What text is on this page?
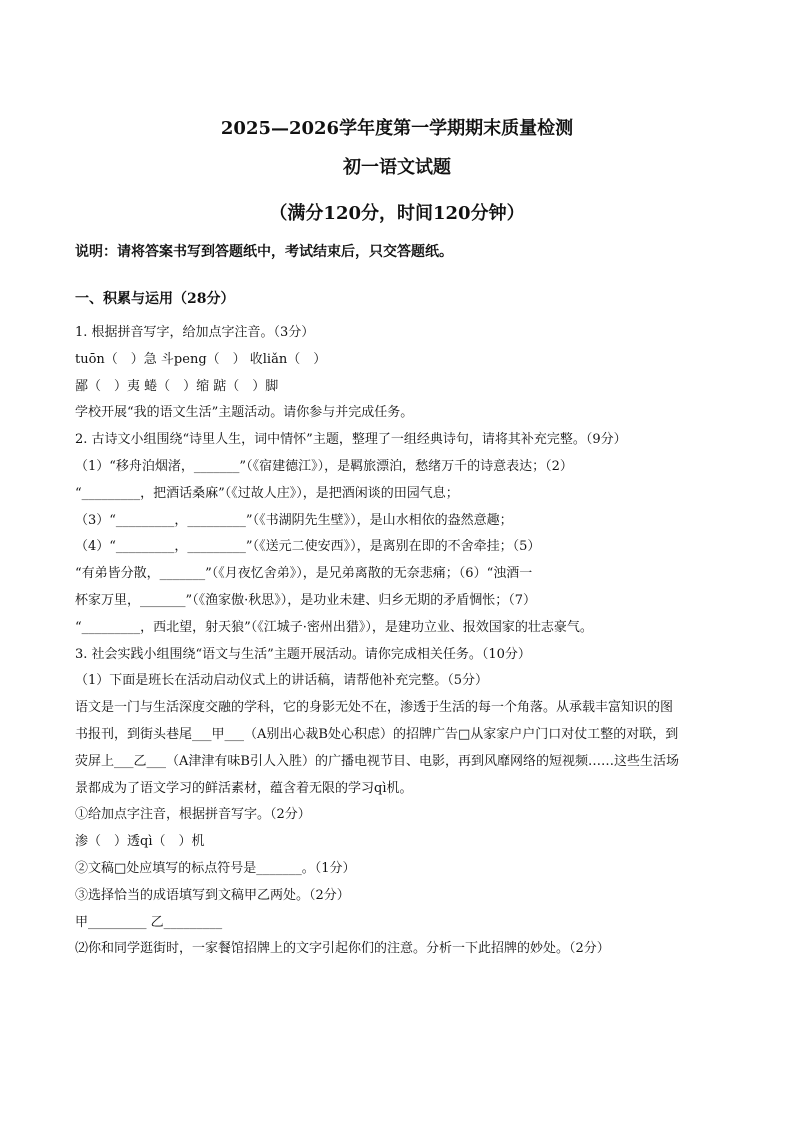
2025—2026学年度第一学期期末质量检测
初一语文试题
（满分120分，时间120分钟）
说明：请将答案书写到答题纸中，考试结束后，只交答题纸。
一、积累与运用（28分）
1. 根据拼音写字，给加点字注音。（3分）
tuōn（　）急 斗peng（　） 收liǎn（　）
鄙（　）夷 蜷（　）缩 踮（　）脚
学校开展“我的语文生活”主题活动。请你参与并完成任务。
2. 古诗文小组围绕“诗里人生，词中情怀”主题，整理了一组经典诗句，请将其补充完整。（9分）
（1）“移舟泊烟渚，_______”（《宿建德江》），是羁旅漂泊，愁绪万千的诗意表达；（2）
“_________，把酒话桑麻”（《过故人庄》），是把酒闲谈的田园气息；
（3）“_________，_________”（《书湖阴先生壁》），是山水相依的盎然意趣；
（4）“_________，_________”（《送元二使安西》），是离别在即的不舍牵挂；（5）
“有弟皆分散，_______”（《月夜忆舍弟》），是兄弟离散的无奈悲痛；（6）“浊酒一
杯家万里，_______”（《渔家傲·秋思》），是功业未建、归乡无期的矛盾惆怅；（7）
“_________，西北望，射天狼”（《江城子·密州出猎》），是建功立业、报效国家的壮志豪气。
3. 社会实践小组围绕“语文与生活”主题开展活动。请你完成相关任务。（10分）
（1）下面是班长在活动启动仪式上的讲话稿，请帮他补充完整。（5分）
语文是一门与生活深度交融的学科，它的身影无处不在，渗透于生活的每一个角落。从承载丰富知识的图
书报刊，到街头巷尾___甲___（A别出心裁B处心积虑）的招牌广告□从家家户户门口对仗工整的对联，到
荧屏上___乙___（A津津有味B引人入胜）的广播电视节目、电影，再到风靡网络的短视频……这些生活场
景都成为了语文学习的鲜活素材，蕴含着无限的学习qì机。
①给加点字注音，根据拼音写字。（2分）
渗（　）透qì（　）机
②文稿□处应填写的标点符号是_______。（1分）
③选择恰当的成语填写到文稿甲乙两处。（2分）
甲_________ 乙_________
⑵你和同学逛街时，一家餐馆招牌上的文字引起你们的注意。分析一下此招牌的妙处。（2分）
